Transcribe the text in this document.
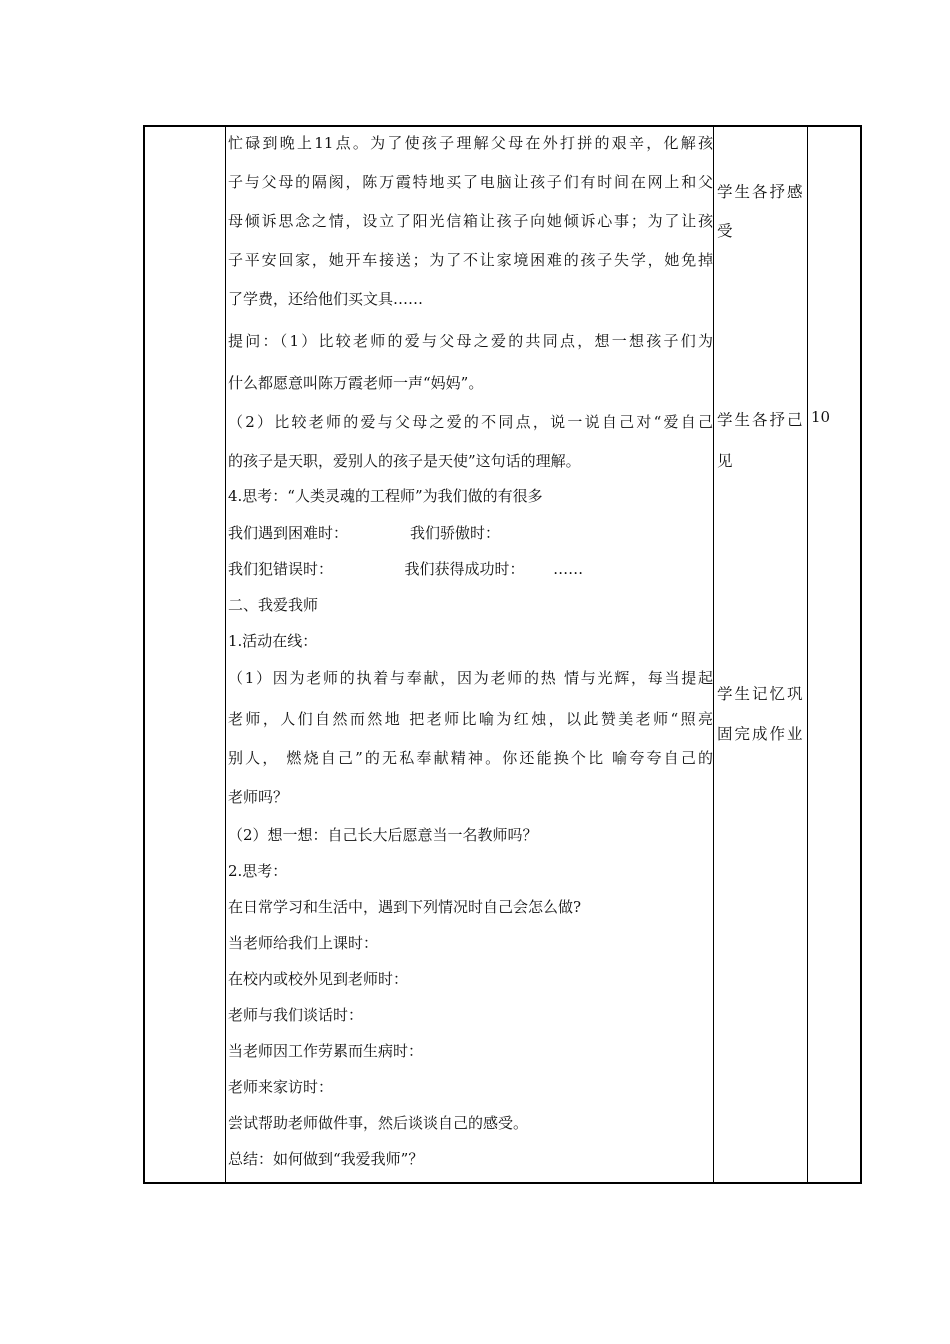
忙碌到晚上11点。为了使孩子理解父母在外打拼的艰辛，化解孩
子与父母的隔阂，陈万霞特地买了电脑让孩子们有时间在网上和父
母倾诉思念之情，设立了阳光信箱让孩子向她倾诉心事；为了让孩
子平安回家，她开车接送；为了不让家境困难的孩子失学，她免掉
了学费，还给他们买文具……
提问：（1）比较老师的爱与父母之爱的共同点，想一想孩子们为
什么都愿意叫陈万霞老师一声“妈妈”。
（2）比较老师的爱与父母之爱的不同点，说一说自己对“爱自己
的孩子是天职，爱别人的孩子是天使”这句话的理解。
4.思考：“人类灵魂的工程师”为我们做的有很多
我们遇到困难时：             我们骄傲时：
我们犯错误时：               我们获得成功时：      ……
二、我爱我师
1.活动在线：
（1）因为老师的执着与奉献，因为老师的热 情与光辉，每当提起
老师，人们自然而然地 把老师比喻为红烛，以此赞美老师“照亮
别人， 燃烧自己”的无私奉献精神。你还能换个比 喻夸夸自己的
老师吗？
（2）想一想：自己长大后愿意当一名教师吗？
2.思考：
在日常学习和生活中，遇到下列情况时自己会怎么做?
当老师给我们上课时：
在校内或校外见到老师时：
老师与我们谈话时：
当老师因工作劳累而生病时：
老师来家访时：
尝试帮助老师做件事，然后谈谈自己的感受。
总结：如何做到“我爱我师”？
学生各抒感
受
学生各抒己
见
学生记忆巩
固完成作业
10
